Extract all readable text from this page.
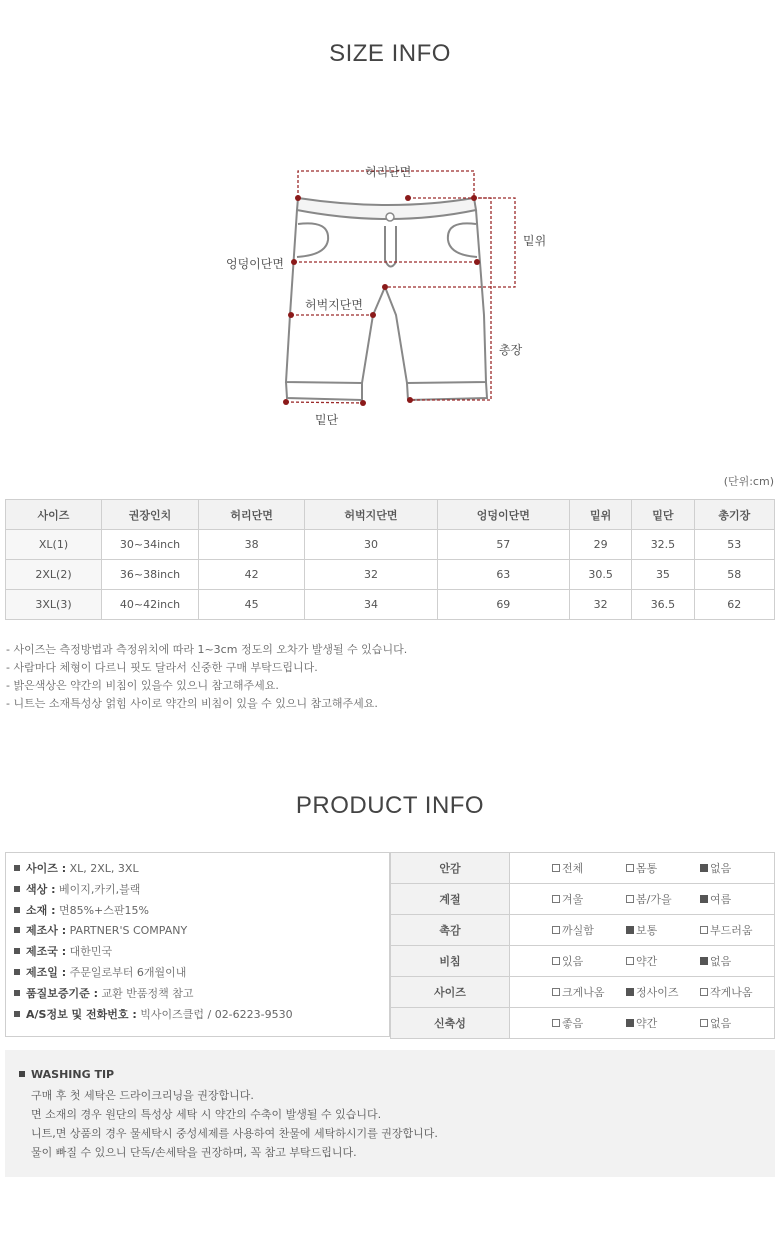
SIZE INFO
허리단면
밑위
엉덩이단면
허벅지단면
총장
밑단
(단위:cm)
사이즈	권장인치	허리단면	허벅지단면	엉덩이단면	밑위	밑단	총기장
XL(1)	30~34inch	38	30	57	29	32.5	53
2XL(2)	36~38inch	42	32	63	30.5	35	58
3XL(3)	40~42inch	45	34	69	32	36.5	62
- 사이즈는 측정방법과 측정위치에 따라 1~3cm 정도의 오차가 발생될 수 있습니다.
- 사람마다 체형이 다르니 핏도 달라서 신중한 구매 부탁드립니다.
- 밝은색상은 약간의 비침이 있을수 있으니 참고해주세요.
- 니트는 소재특성상 얽힘 사이로 약간의 비침이 있을 수 있으니 참고해주세요.
PRODUCT INFO
사이즈 : XL, 2XL, 3XL
색상 : 베이지,카키,블랙
소재 : 면85%+스판15%
제조사 : PARTNER'S COMPANY
제조국 : 대한민국
제조일 : 주문일로부터 6개월이내
품질보증기준 : 교환 반품정책 참고
A/S정보 및 전화번호 : 빅사이즈클럽 / 02-6223-9530
안감	전체 몸통 없음
계절	겨울 봄/가을 여름
촉감	까실함 보통 부드러움
비침	있음 약간 없음
사이즈	크게나옴 정사이즈 작게나옴
신축성	좋음 약간 없음
WASHING TIP
구매 후 첫 세탁은 드라이크리닝을 권장합니다.
면 소재의 경우 원단의 특성상 세탁 시 약간의 수축이 발생될 수 있습니다.
니트,면 상품의 경우 물세탁시 중성세제를 사용하여 찬물에 세탁하시기를 권장합니다.
물이 빠질 수 있으니 단독/손세탁을 권장하며, 꼭 참고 부탁드립니다.
